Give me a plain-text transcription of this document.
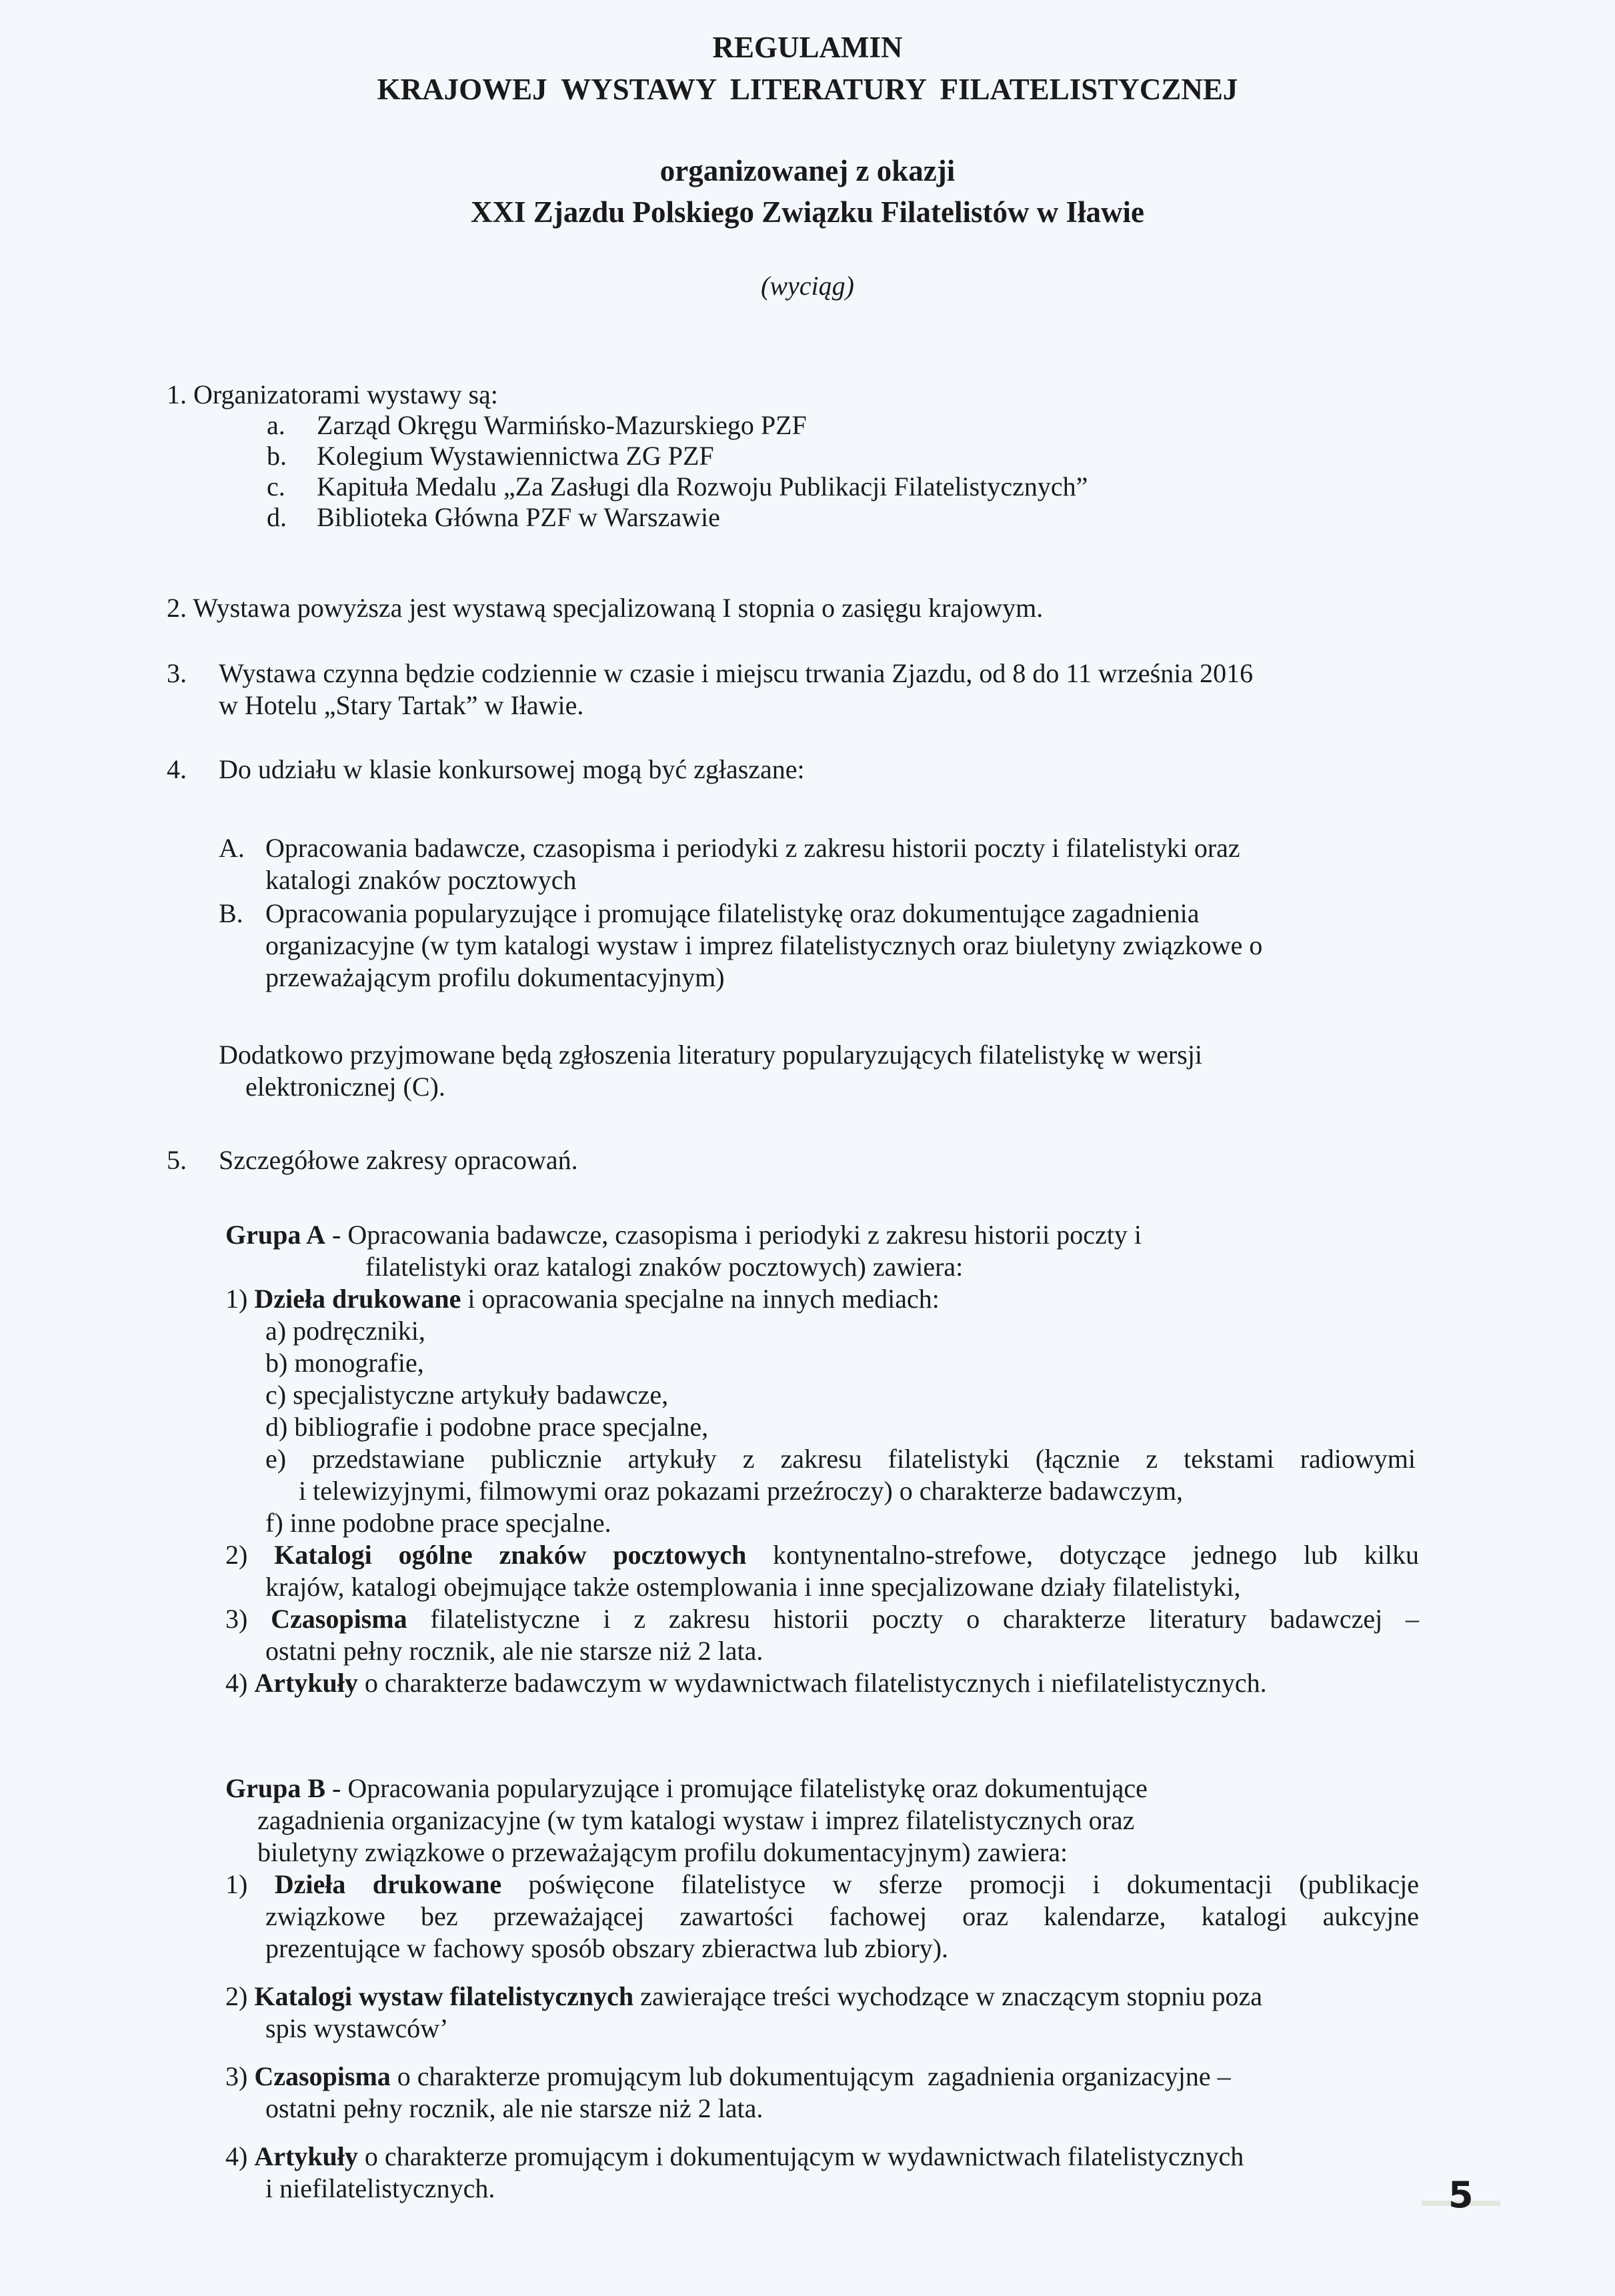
REGULAMIN
KRAJOWEJ WYSTAWY LITERATURY FILATELISTYCZNEJ
organizowanej z okazji
XXI Zjazdu Polskiego Związku Filatelistów w Iławie
(wyciąg)
1. Organizatorami wystawy są:
a. Zarząd Okręgu Warmińsko-Mazurskiego PZF
b. Kolegium Wystawiennictwa ZG PZF
c. Kapituła Medalu „Za Zasługi dla Rozwoju Publikacji Filatelistycznych”
d. Biblioteka Główna PZF w Warszawie
2. Wystawa powyższa jest wystawą specjalizowaną I stopnia o zasięgu krajowym.
3. Wystawa czynna będzie codziennie w czasie i miejscu trwania Zjazdu, od 8 do 11 września 2016
w Hotelu „Stary Tartak” w Iławie.
4. Do udziału w klasie konkursowej mogą być zgłaszane:
A. Opracowania badawcze, czasopisma i periodyki z zakresu historii poczty i filatelistyki oraz
katalogi znaków pocztowych
B. Opracowania popularyzujące i promujące filatelistykę oraz dokumentujące zagadnienia
organizacyjne (w tym katalogi wystaw i imprez filatelistycznych oraz biuletyny związkowe o
przeważającym profilu dokumentacyjnym)
Dodatkowo przyjmowane będą zgłoszenia literatury popularyzujących filatelistykę w wersji
elektronicznej (C).
5. Szczegółowe zakresy opracowań.
Grupa A - Opracowania badawcze, czasopisma i periodyki z zakresu historii poczty i
filatelistyki oraz katalogi znaków pocztowych) zawiera:
1) Dzieła drukowane i opracowania specjalne na innych mediach:
a) podręczniki,
b) monografie,
c) specjalistyczne artykuły badawcze,
d) bibliografie i podobne prace specjalne,
e) przedstawiane publicznie artykuły z zakresu filatelistyki (łącznie z tekstami radiowymi
i telewizyjnymi, filmowymi oraz pokazami przeźroczy) o charakterze badawczym,
f) inne podobne prace specjalne.
2) Katalogi ogólne znaków pocztowych kontynentalno-strefowe, dotyczące jednego lub kilku
krajów, katalogi obejmujące także ostemplowania i inne specjalizowane działy filatelistyki,
3) Czasopisma filatelistyczne i z zakresu historii poczty o charakterze literatury badawczej –
ostatni pełny rocznik, ale nie starsze niż 2 lata.
4) Artykuły o charakterze badawczym w wydawnictwach filatelistycznych i niefilatelistycznych.
Grupa B - Opracowania popularyzujące i promujące filatelistykę oraz dokumentujące
zagadnienia organizacyjne (w tym katalogi wystaw i imprez filatelistycznych oraz
biuletyny związkowe o przeważającym profilu dokumentacyjnym) zawiera:
1) Dzieła drukowane poświęcone filatelistyce w sferze promocji i dokumentacji (publikacje
związkowe bez przeważającej zawartości fachowej oraz kalendarze, katalogi aukcyjne
prezentujące w fachowy sposób obszary zbieractwa lub zbiory).
2) Katalogi wystaw filatelistycznych zawierające treści wychodzące w znaczącym stopniu poza
spis wystawców’
3) Czasopisma o charakterze promującym lub dokumentującym  zagadnienia organizacyjne –
ostatni pełny rocznik, ale nie starsze niż 2 lata.
4) Artykuły o charakterze promującym i dokumentującym w wydawnictwach filatelistycznych
i niefilatelistycznych.	5
